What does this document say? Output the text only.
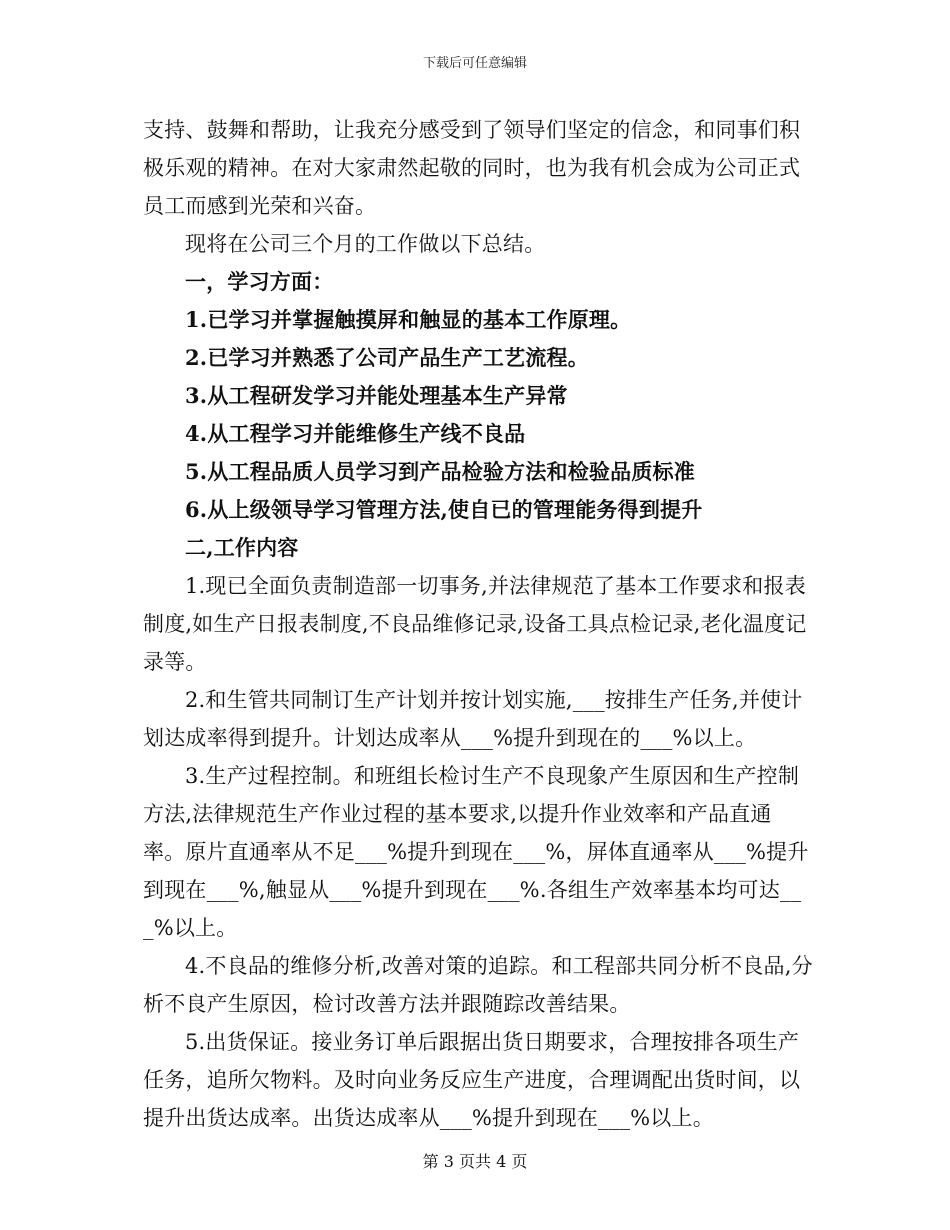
下载后可任意编辑

支持、鼓舞和帮助，让我充分感受到了领导们坚定的信念，和同事们积极乐观的精神。在对大家肃然起敬的同时，也为我有机会成为公司正式员工而感到光荣和兴奋。

现将在公司三个月的工作做以下总结。

一，学习方面：

1.已学习并掌握触摸屏和触显的基本工作原理。

2.已学习并熟悉了公司产品生产工艺流程。

3.从工程研发学习并能处理基本生产异常

4.从工程学习并能维修生产线不良品

5.从工程品质人员学习到产品检验方法和检验品质标准

6.从上级领导学习管理方法,使自已的管理能务得到提升

二,工作内容

1.现已全面负责制造部一切事务,并法律规范了基本工作要求和报表制度,如生产日报表制度,不良品维修记录,设备工具点检记录,老化温度记录等。

2.和生管共同制订生产计划并按计划实施,___按排生产任务,并使计划达成率得到提升。计划达成率从___%提升到现在的___%以上。

3.生产过程控制。和班组长检讨生产不良现象产生原因和生产控制方法,法律规范生产作业过程的基本要求,以提升作业效率和产品直通率。原片直通率从不足___%提升到现在___%，屏体直通率从___%提升到现在___%,触显从___%提升到现在___%.各组生产效率基本均可达___%以上。

4.不良品的维修分析,改善对策的追踪。和工程部共同分析不良品,分析不良产生原因，检讨改善方法并跟随踪改善结果。

5.出货保证。接业务订单后跟据出货日期要求，合理按排各项生产任务，追所欠物料。及时向业务反应生产进度，合理调配出货时间，以提升出货达成率。出货达成率从___%提升到现在___%以上。

第 3 页共 4 页
